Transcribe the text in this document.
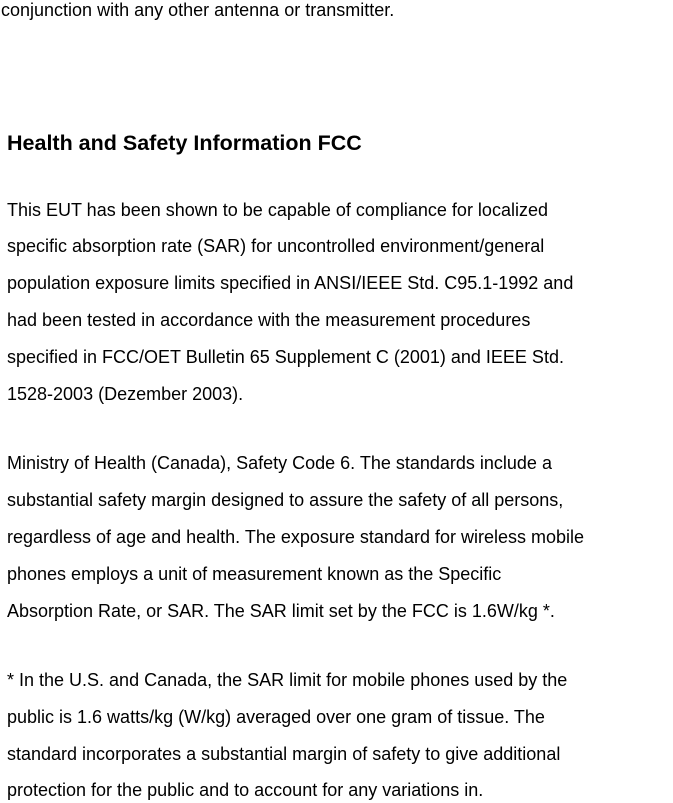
conjunction with any other antenna or transmitter.
Health and Safety Information FCC
This EUT has been shown to be capable of compliance for localized
specific absorption rate (SAR) for uncontrolled environment/general
population exposure limits specified in ANSI/IEEE Std. C95.1-1992 and
had been tested in accordance with the measurement procedures
specified in FCC/OET Bulletin 65 Supplement C (2001) and IEEE Std.
1528-2003 (Dezember 2003).
Ministry of Health (Canada), Safety Code 6. The standards include a
substantial safety margin designed to assure the safety of all persons,
regardless of age and health. The exposure standard for wireless mobile
phones employs a unit of measurement known as the Specific
Absorption Rate, or SAR. The SAR limit set by the FCC is 1.6W/kg *.
* In the U.S. and Canada, the SAR limit for mobile phones used by the
public is 1.6 watts/kg (W/kg) averaged over one gram of tissue. The
standard incorporates a substantial margin of safety to give additional
protection for the public and to account for any variations in.
